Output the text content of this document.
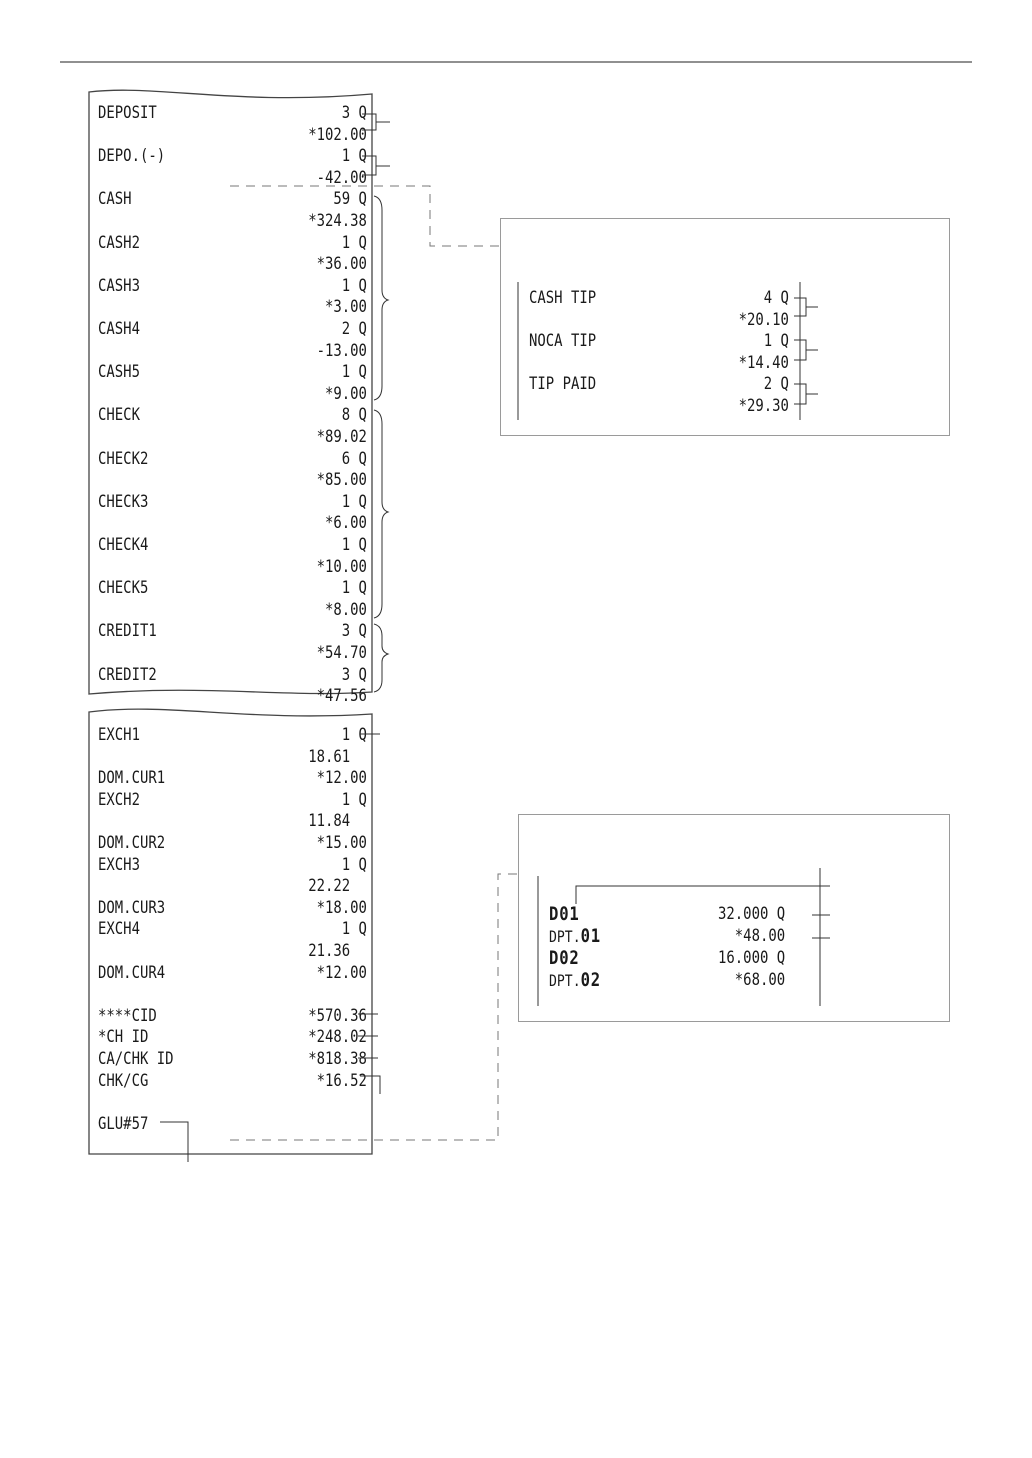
DEPOSIT	3 Q
*102.00
DEPO.(-)	1 Q
-42.00
CASH	59 Q
*324.38
CASH2	1 Q
*36.00
CASH3	1 Q
*3.00
CASH4	2 Q
-13.00
CASH5	1 Q
*9.00
CHECK	8 Q
*89.02
CHECK2	6 Q
*85.00
CHECK3	1 Q
*6.00
CHECK4	1 Q
*10.00
CHECK5	1 Q
*8.00
CREDIT1	3 Q
*54.70
CREDIT2	3 Q
*47.56
EXCH1	1 Q
18.61
DOM.CUR1	*12.00
EXCH2	1 Q
11.84
DOM.CUR2	*15.00
EXCH3	1 Q
22.22
DOM.CUR3	*18.00
EXCH4	1 Q
21.36
DOM.CUR4	*12.00
****CID	*570.36
*CH ID	*248.02
CA/CHK ID	*818.38
CHK/CG	*16.52
GLU#57
CASH TIP	4 Q
*20.10
NOCA TIP	1 Q
*14.40
TIP PAID	2 Q
*29.30
D01	32.000 Q
DPT.01	*48.00
D02	16.000 Q
DPT.02	*68.00
